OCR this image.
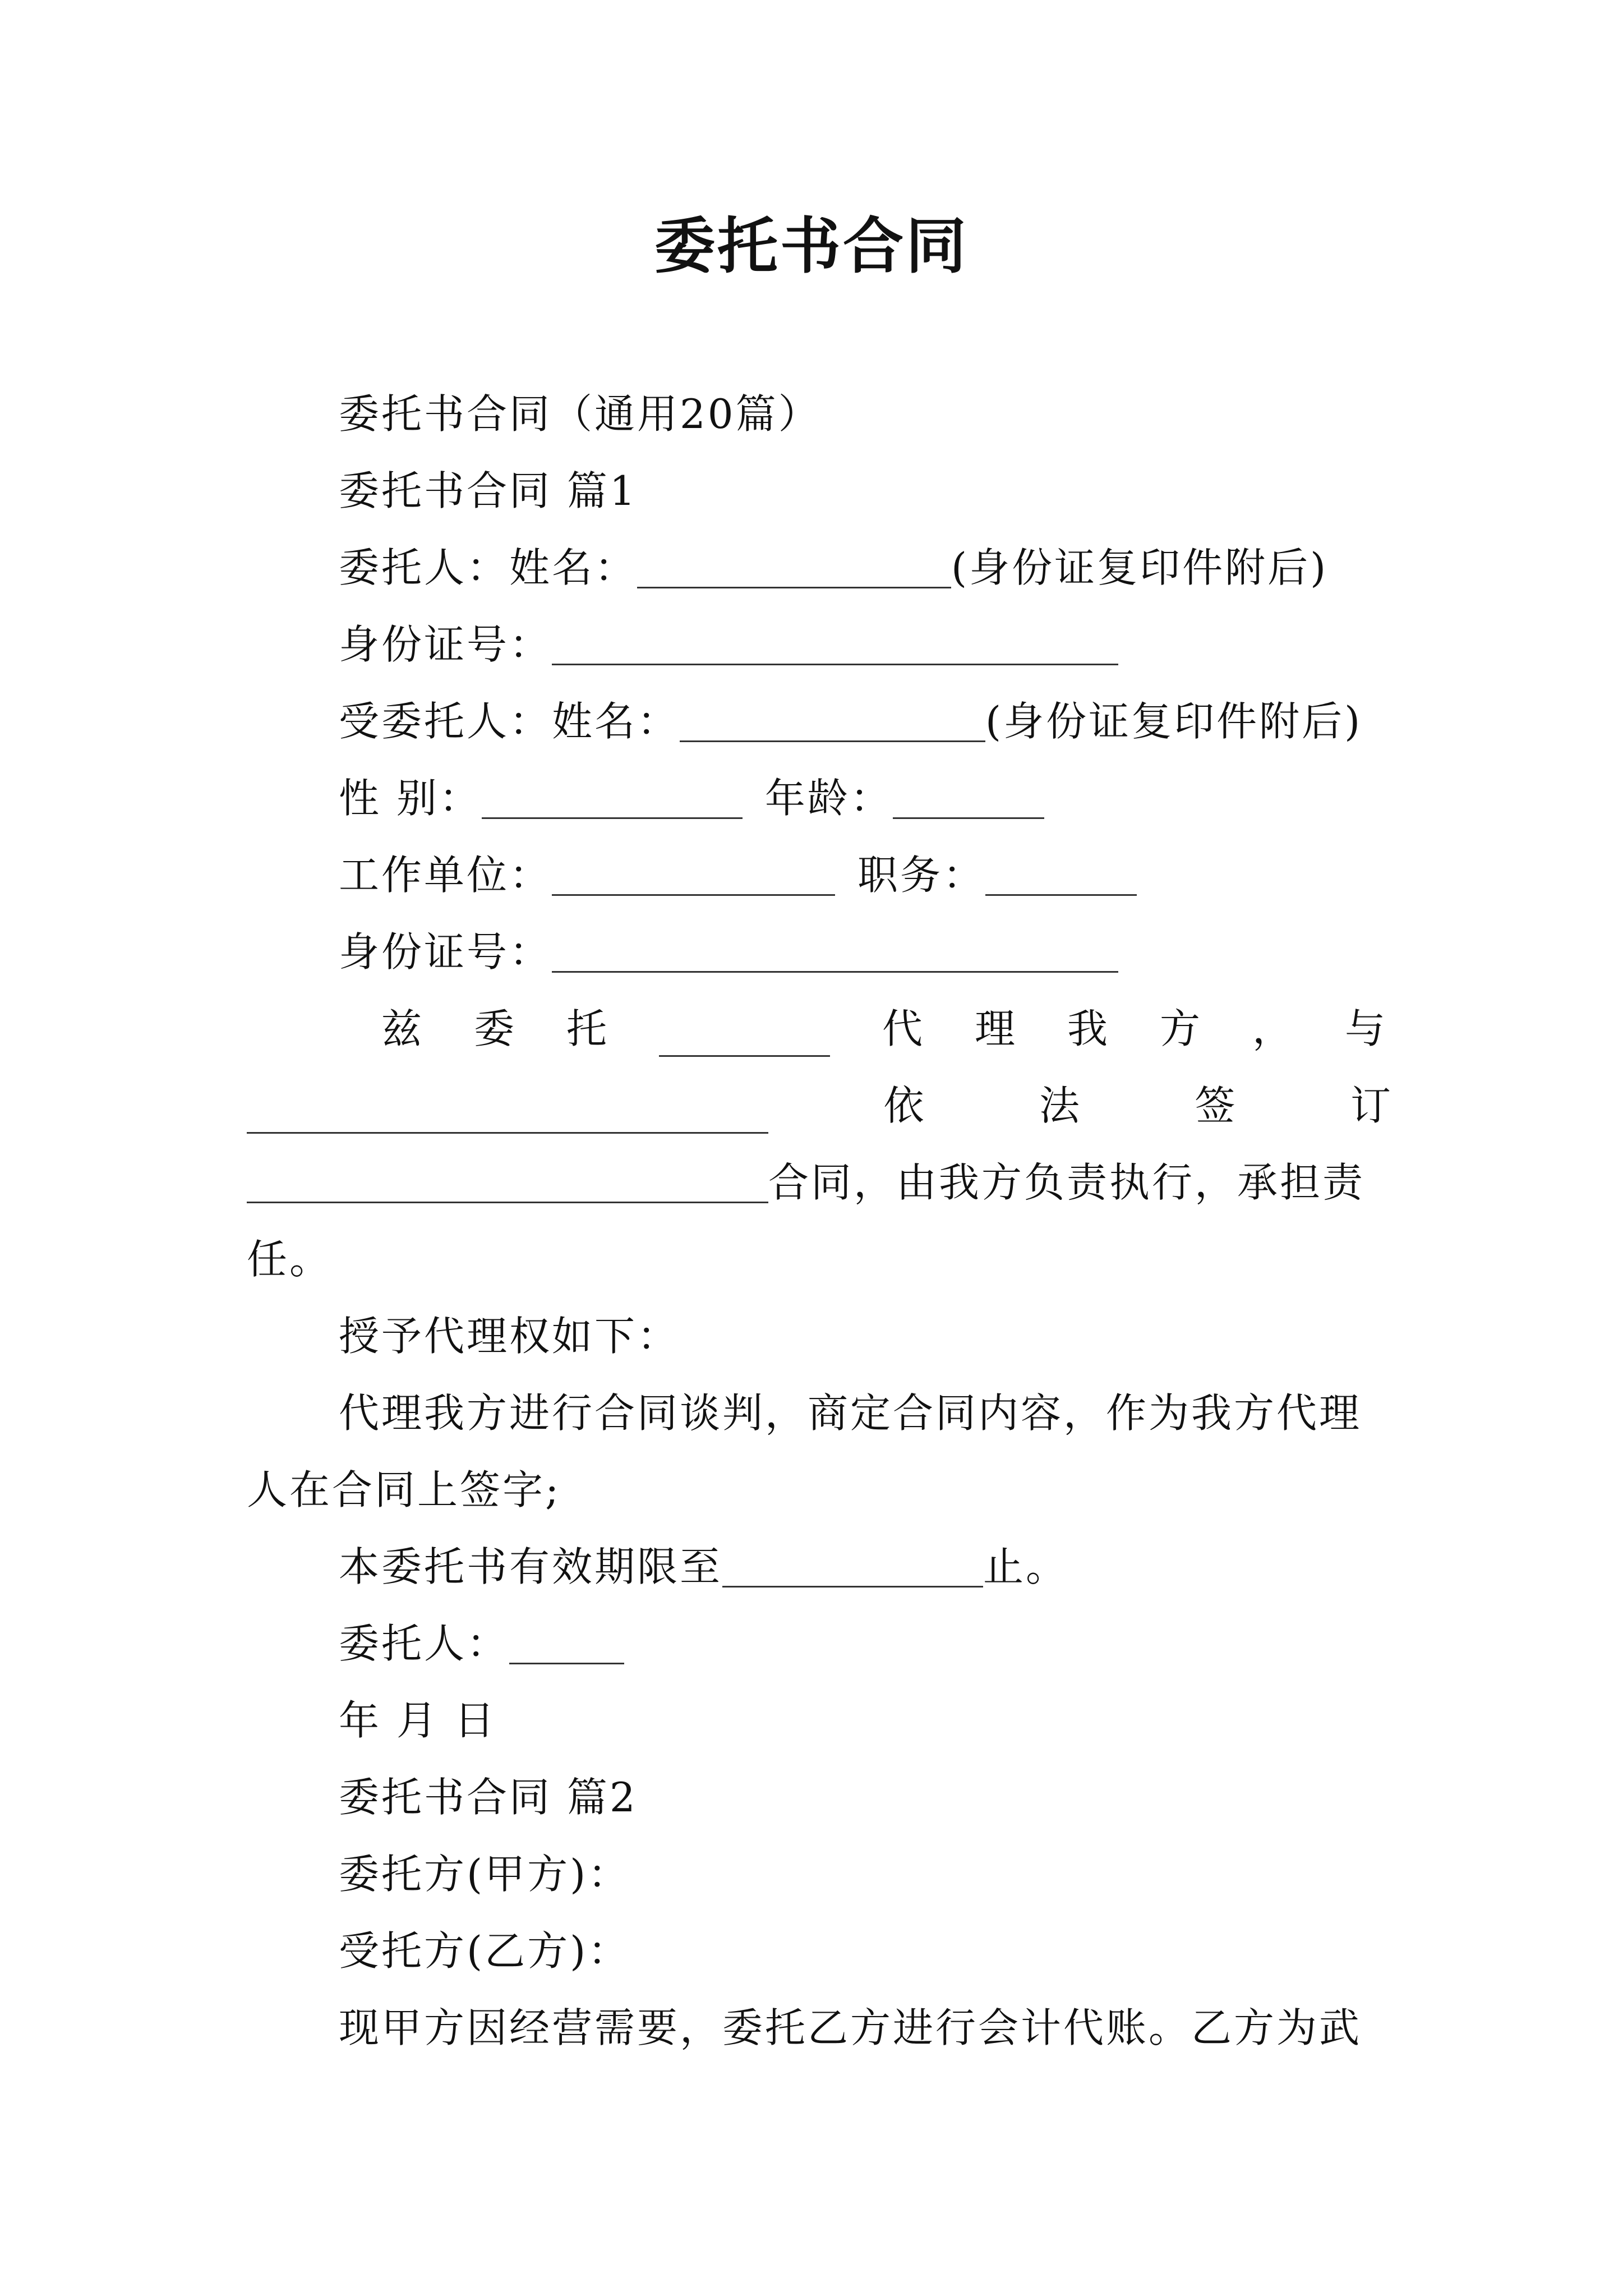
委托书合同
委托书合同（通用20篇）
委托书合同 篇1
委托人：姓名：	(身份证复印件附后)
身份证号：
受委托人：姓名：	(身份证复印件附后)
性 别：	年龄：
工作单位：	职务：
身份证号：
兹 委 托	代 理 我 方 ， 与
依	法	签	订
合同，由我方负责执行，承担责
任。
授予代理权如下：
代理我方进行合同谈判，商定合同内容，作为我方代理
人在合同上签字;
本委托书有效期限至	止。
委托人：
年 月 日
委托书合同 篇2
委托方(甲方)：
受托方(乙方)：
现甲方因经营需要，委托乙方进行会计代账。乙方为武
